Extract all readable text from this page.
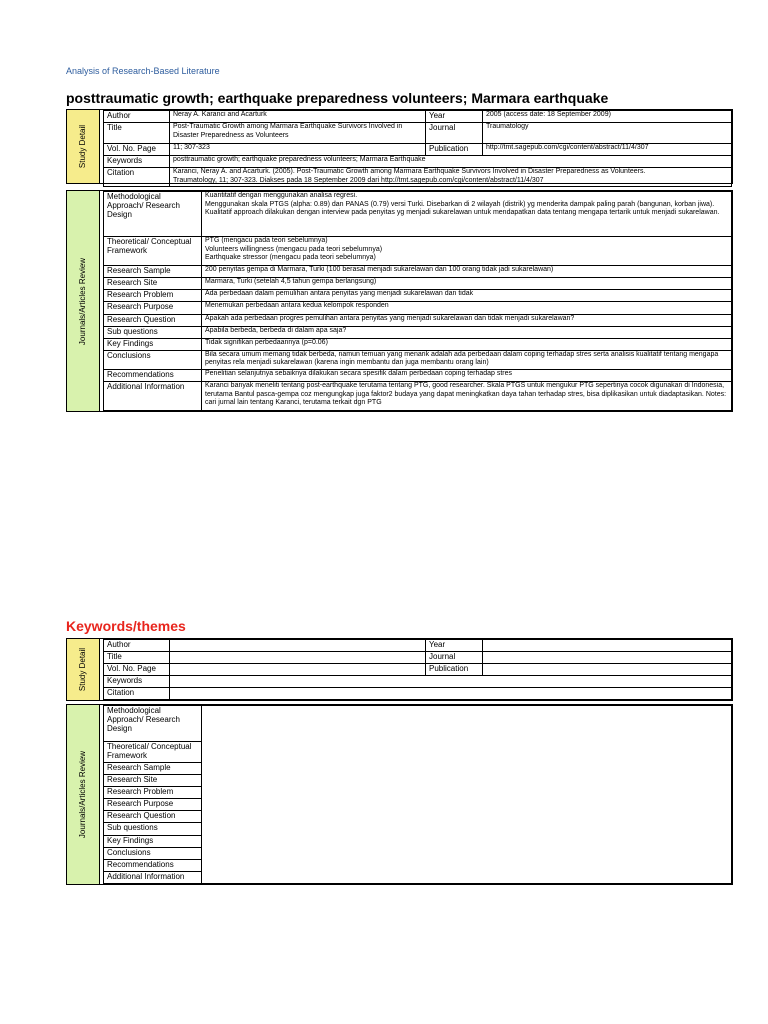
Analysis of Research-Based Literature
posttraumatic growth; earthquake preparedness volunteers; Marmara earthquake
Study Detail
Author	Neray A. Karanci and Acarturk	Year	2005 (access date: 18 September 2009)
Title	Post-Traumatic Growth among Marmara Earthquake Survivors Involved in Disaster Preparedness as Volunteers	Journal	Traumatology
Vol. No. Page	11; 307-323	Publication	http://tmt.sagepub.com/cgi/content/abstract/11/4/307
Keywords	posttraumatic growth; earthquake preparedness volunteers; Marmara Earthquake		
Citation	Karanci, Neray A. and Acarturk. (2005). Post-Traumatic Growth among Marmara Earthquake Survivors Involved in Disaster Preparedness as Volunteers.
Traumatology, 11; 307-323. Diakses pada 18 September 2009 dari http://tmt.sagepub.com/cgi/content/abstract/11/4/307		
Journals/Articles Review
Methodological Approach/ Research Design	Kuantitatif dengan menggunakan analisa regresi.
Menggunakan skala PTGS (alpha: 0.89) dan PANAS (0.79) versi Turki. Disebarkan di 2 wilayah (distrik) yg menderita dampak paling parah (bangunan, korban jiwa).
Kualitatif approach dilakukan dengan interview pada penyitas yg menjadi sukarelawan untuk mendapatkan data tentang mengapa tertarik untuk menjadi sukarelawan.

Theoretical/ Conceptual Framework	PTG (mengacu pada teori sebelumnya)
Volunteers willingness (mengacu pada teori sebelumnya)
Earthquake stressor (mengacu pada teori sebelumnya)

Research Sample	200 penyitas gempa di Marmara, Turki (100 berasal menjadi sukarelawan dan 100 orang tidak jadi sukarelawan)
Research Site	Marmara, Turki (setelah 4,5 tahun gempa berlangsung)
Research Problem	Ada perbedaan dalam pemulihan antara penyitas yang menjadi sukarelawan dan tidak
Research Purpose	Menemukan perbedaan antara kedua kelompok responden
Research Question	Apakah ada perbedaan progres pemulihan antara penyitas yang menjadi sukarelawan dan tidak menjadi sukarelawan?
Sub questions	Apabila berbeda, berbeda di dalam apa saja?
Key Findings	Tidak signifikan perbedaannya (p=0.06)
Conclusions	Bila secara umum memang tidak berbeda, namun temuan yang menarik adalah ada perbedaan dalam coping terhadap stres serta analisis kualitatif tentang mengapa penyitas rela menjadi sukarelawan (karena ingin membantu dan juga membantu orang lain)
Recommendations	Penelitian selanjutnya sebaiknya dilakukan secara spesifik dalam perbedaan coping terhadap stres
Additional Information	Karanci banyak meneliti tentang post-earthquake terutama tentang PTG, good researcher. Skala PTGS untuk mengukur PTG sepertinya cocok digunakan di Indonesia, terutama Bantul pasca-gempa coz mengungkap juga faktor2 budaya yang dapat meningkatkan daya tahan terhadap stres, bisa diplikasikan untuk diadaptasikan. Notes: cari jurnal lain tentang Karanci, terutama terkait dgn PTG
Keywords/themes
Study Detail
Author		Year	
Title		Journal	
Vol. No. Page		Publication	
Keywords			
Citation			
Journals/Articles Review
Methodological Approach/ Research Design	
Theoretical/ Conceptual Framework
Research Sample
Research Site
Research Problem
Research Purpose
Research Question
Sub questions
Key Findings
Conclusions
Recommendations
Additional Information
